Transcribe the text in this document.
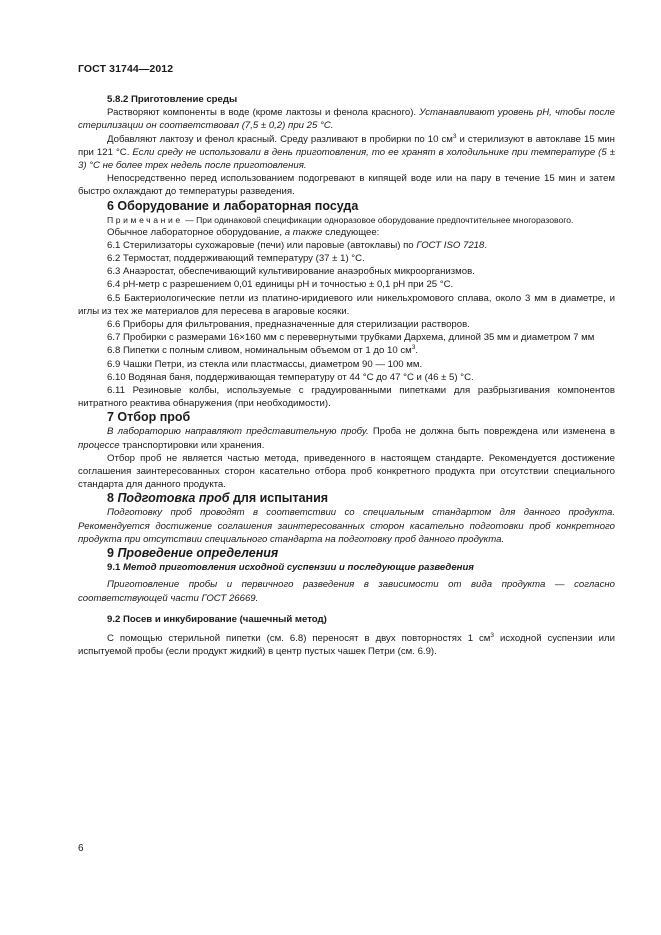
ГОСТ 31744—2012

5.8.2 Приготовление среды

Растворяют компоненты в воде (кроме лактозы и фенола красного). Устанавливают уровень рН, чтобы после стерилизации он соответствовал (7,5 ± 0,2) при 25 °С.

Добавляют лактозу и фенол красный. Среду разливают в пробирки по 10 $см^3$ и стерилизуют в автоклаве 15 мин при 121 °С. Если среду не использовали в день приготовления, то ее хранят в холодильнике при температуре (5 ± 3) °С не более трех недель после приготовления.

Непосредственно перед использованием подогревают в кипящей воде или на пару в течение 15 мин и затем быстро охлаждают до температуры разведения.

6 Оборудование и лабораторная посуда

Примечание — При одинаковой спецификации одноразовое оборудование предпочтительнее многоразового.

Обычное лабораторное оборудование, а также следующее:

6.1 Стерилизаторы сухожаровые (печи) или паровые (автоклавы) по ГОСТ ISO 7218.

6.2 Термостат, поддерживающий температуру (37 ± 1) °С.

6.3 Анаэростат, обеспечивающий культивирование анаэробных микроорганизмов.

6.4 рН-метр с разрешением 0,01 единицы рН и точностью ± 0,1 рН при 25 °С.

6.5 Бактериологические петли из платино-иридиевого или никельхромового сплава, около 3 мм в диаметре, и иглы из тех же материалов для пересева в агаровые косяки.

6.6 Приборы для фильтрования, предназначенные для стерилизации растворов.

6.7 Пробирки с размерами 16×160 мм с перевернутыми трубками Дархема, длиной 35 мм и диаметром 7 мм

6.8 Пипетки с полным сливом, номинальным объемом от 1 до 10 $см^3$.

6.9 Чашки Петри, из стекла или пластмассы, диаметром 90 — 100 мм.

6.10 Водяная баня, поддерживающая температуру от 44 °С до 47 °С и (46 ± 5) °С.

6.11 Резиновые колбы, используемые с градуированными пипетками для разбрызгивания компонентов нитратного реактива обнаружения (при необходимости).

7 Отбор проб

В лабораторию направляют представительную пробу. Проба не должна быть повреждена или изменена в процессе транспортировки или хранения.

Отбор проб не является частью метода, приведенного в настоящем стандарте. Рекомендуется достижение соглашения заинтересованных сторон касательно отбора проб конкретного продукта при отсутствии специального стандарта для данного продукта.

8 Подготовка проб для испытания

Подготовку проб проводят в соответствии со специальным стандартом для данного продукта. Рекомендуется достижение соглашения заинтересованных сторон касательно подготовки проб конкретного продукта при отсутствии специального стандарта на подготовку проб данного продукта.

9 Проведение определения

9.1 Метод приготовления исходной суспензии и последующие разведения

Приготовление пробы и первичного разведения в зависимости от вида продукта — согласно соответствующей части ГОСТ 26669.

9.2 Посев и инкубирование (чашечный метод)

С помощью стерильной пипетки (см. 6.8) переносят в двух повторностях 1 $см^3$ исходной суспензии или испытуемой пробы (если продукт жидкий) в центр пустых чашек Петри (см. 6.9).

6
